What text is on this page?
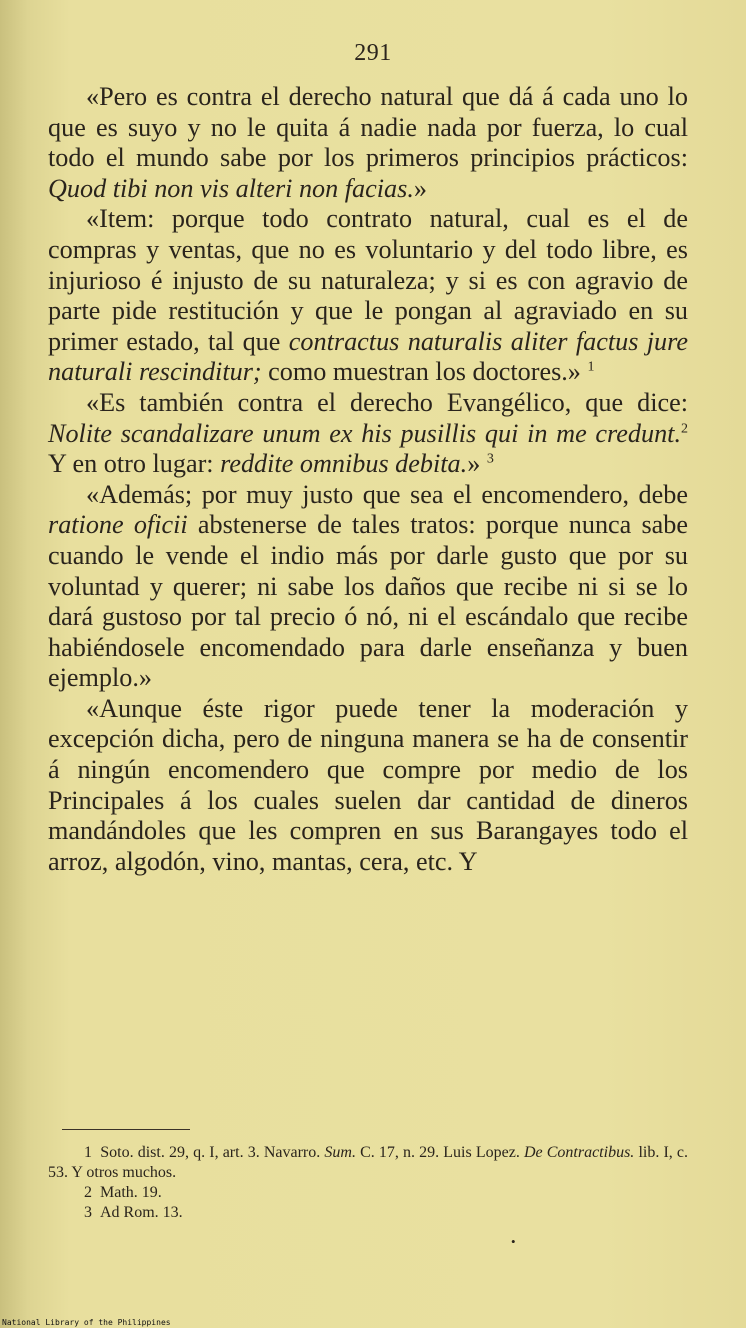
291

«Pero es contra el derecho natural que dá á cada uno lo que es suyo y no le quita á nadie nada por fuerza, lo cual todo el mundo sabe por los primeros principios prácticos: Quod tibi non vis alteri non facias.»

«Item: porque todo contrato natural, cual es el de compras y ventas, que no es voluntario y del todo libre, es injurioso é injusto de su naturaleza; y si es con agravio de parte pide restitución y que le pongan al agraviado en su primer estado, tal que contractus naturalis aliter factus jure naturali rescinditur; como muestran los doctores.» $^1$

«Es también contra el derecho Evangélico, que dice: Nolite scandalizare unum ex his pusillis qui in me credunt.$^2$ Y en otro lugar: reddite omnibus debita.» $^3$

«Además; por muy justo que sea el encomendero, debe ratione oficii abstenerse de tales tratos: porque nunca sabe cuando le vende el indio más por darle gusto que por su voluntad y querer; ni sabe los daños que recibe ni si se lo dará gustoso por tal precio ó nó, ni el escándalo que recibe habiéndosele encomendado para darle enseñanza y buen ejemplo.»

«Aunque éste rigor puede tener la moderación y excepción dicha, pero de ninguna manera se ha de consentir á ningún encomendero que compre por medio de los Principales á los cuales suelen dar cantidad de dineros mandándoles que les compren en sus Barangayes todo el arroz, algodón, vino, mantas, cera, etc. Y

1 Soto. dist. 29, q. I, art. 3. Navarro. Sum. C. 17, n. 29. Luis Lopez. De Contractibus. lib. I, c. 53. Y otros muchos.

2 Math. 19.

3 Ad Rom. 13.

•
National Library of the Philippines
